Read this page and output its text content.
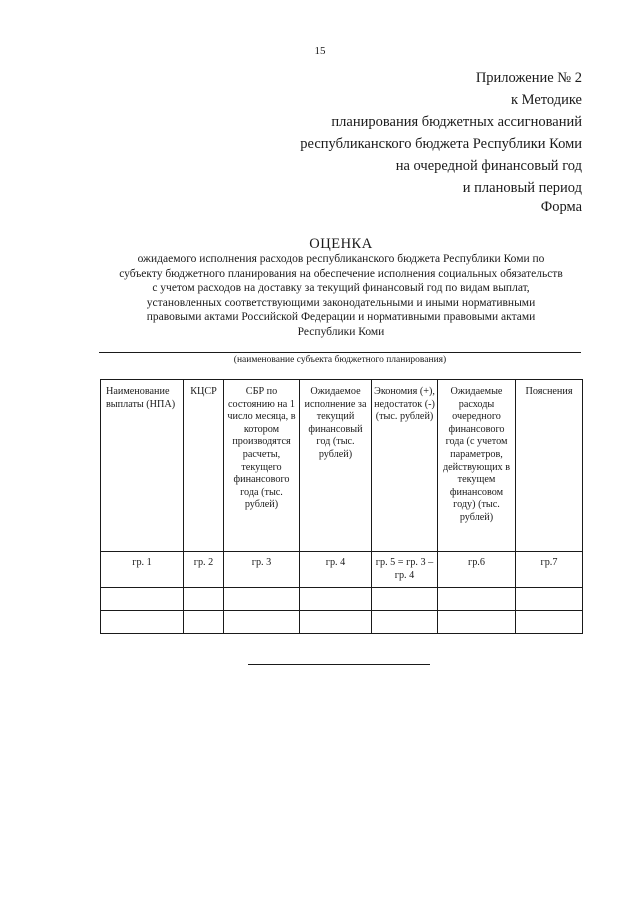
15
Приложение № 2
к Методике
планирования бюджетных ассигнований
республиканского бюджета Республики Коми
на очередной финансовый год
и плановый период
Форма
ОЦЕНКА
ожидаемого исполнения расходов республиканского бюджета Республики Коми по
субъекту бюджетного планирования на обеспечение исполнения социальных обязательств
с учетом расходов на доставку за текущий финансовый год по видам выплат,
установленных соответствующими законодательными и иными нормативными
правовыми актами Российской Федерации и нормативными правовыми актами
Республики Коми
(наименование субъекта бюджетного планирования)
Наименование выплаты (НПА)	КЦСР	СБР по состоянию на 1 число месяца, в котором производятся расчеты, текущего финансового года (тыс. рублей)	Ожидаемое исполнение за текущий финансовый год (тыс. рублей)	Экономия (+), недостаток (-) (тыс. рублей)	Ожидаемые расходы очередного финансового года (с учетом параметров, действующих в текущем финансовом году) (тыс. рублей)	Пояснения
гр. 1	гр. 2	гр. 3	гр. 4	гр. 5 = гр. 3 – гр. 4	гр.6	гр.7
